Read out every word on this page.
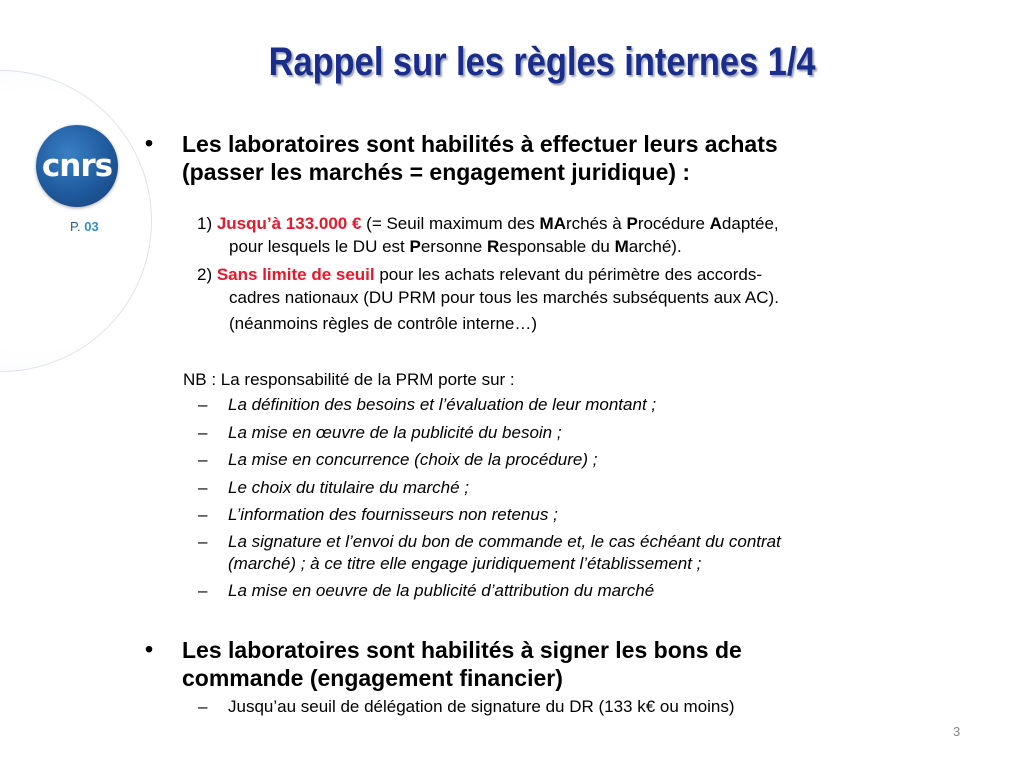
cnrs
P. 03
Rappel sur les règles internes 1/4
• Les laboratoires sont habilités à effectuer leurs achats
(passer les marchés = engagement juridique) :
1) Jusqu’à 133.000 € (= Seuil maximum des MArchés à Procédure Adaptée,
pour lesquels le DU est Personne Responsable du Marché).
2) Sans limite de seuil pour les achats relevant du périmètre des accords-
cadres nationaux (DU PRM pour tous les marchés subséquents aux AC).
(néanmoins règles de contrôle interne…)
NB : La responsabilité de la PRM porte sur :
– La définition des besoins et l’évaluation de leur montant ;
– La mise en œuvre de la publicité du besoin ;
– La mise en concurrence (choix de la procédure) ;
– Le choix du titulaire du marché ;
– L’information des fournisseurs non retenus ;
– La signature et l’envoi du bon de commande et, le cas échéant du contrat
(marché) ; à ce titre elle engage juridiquement l’établissement ;
– La mise en oeuvre de la publicité d’attribution du marché
• Les laboratoires sont habilités à signer les bons de
commande (engagement financier)
– Jusqu’au seuil de délégation de signature du DR (133 k€ ou moins)
3
